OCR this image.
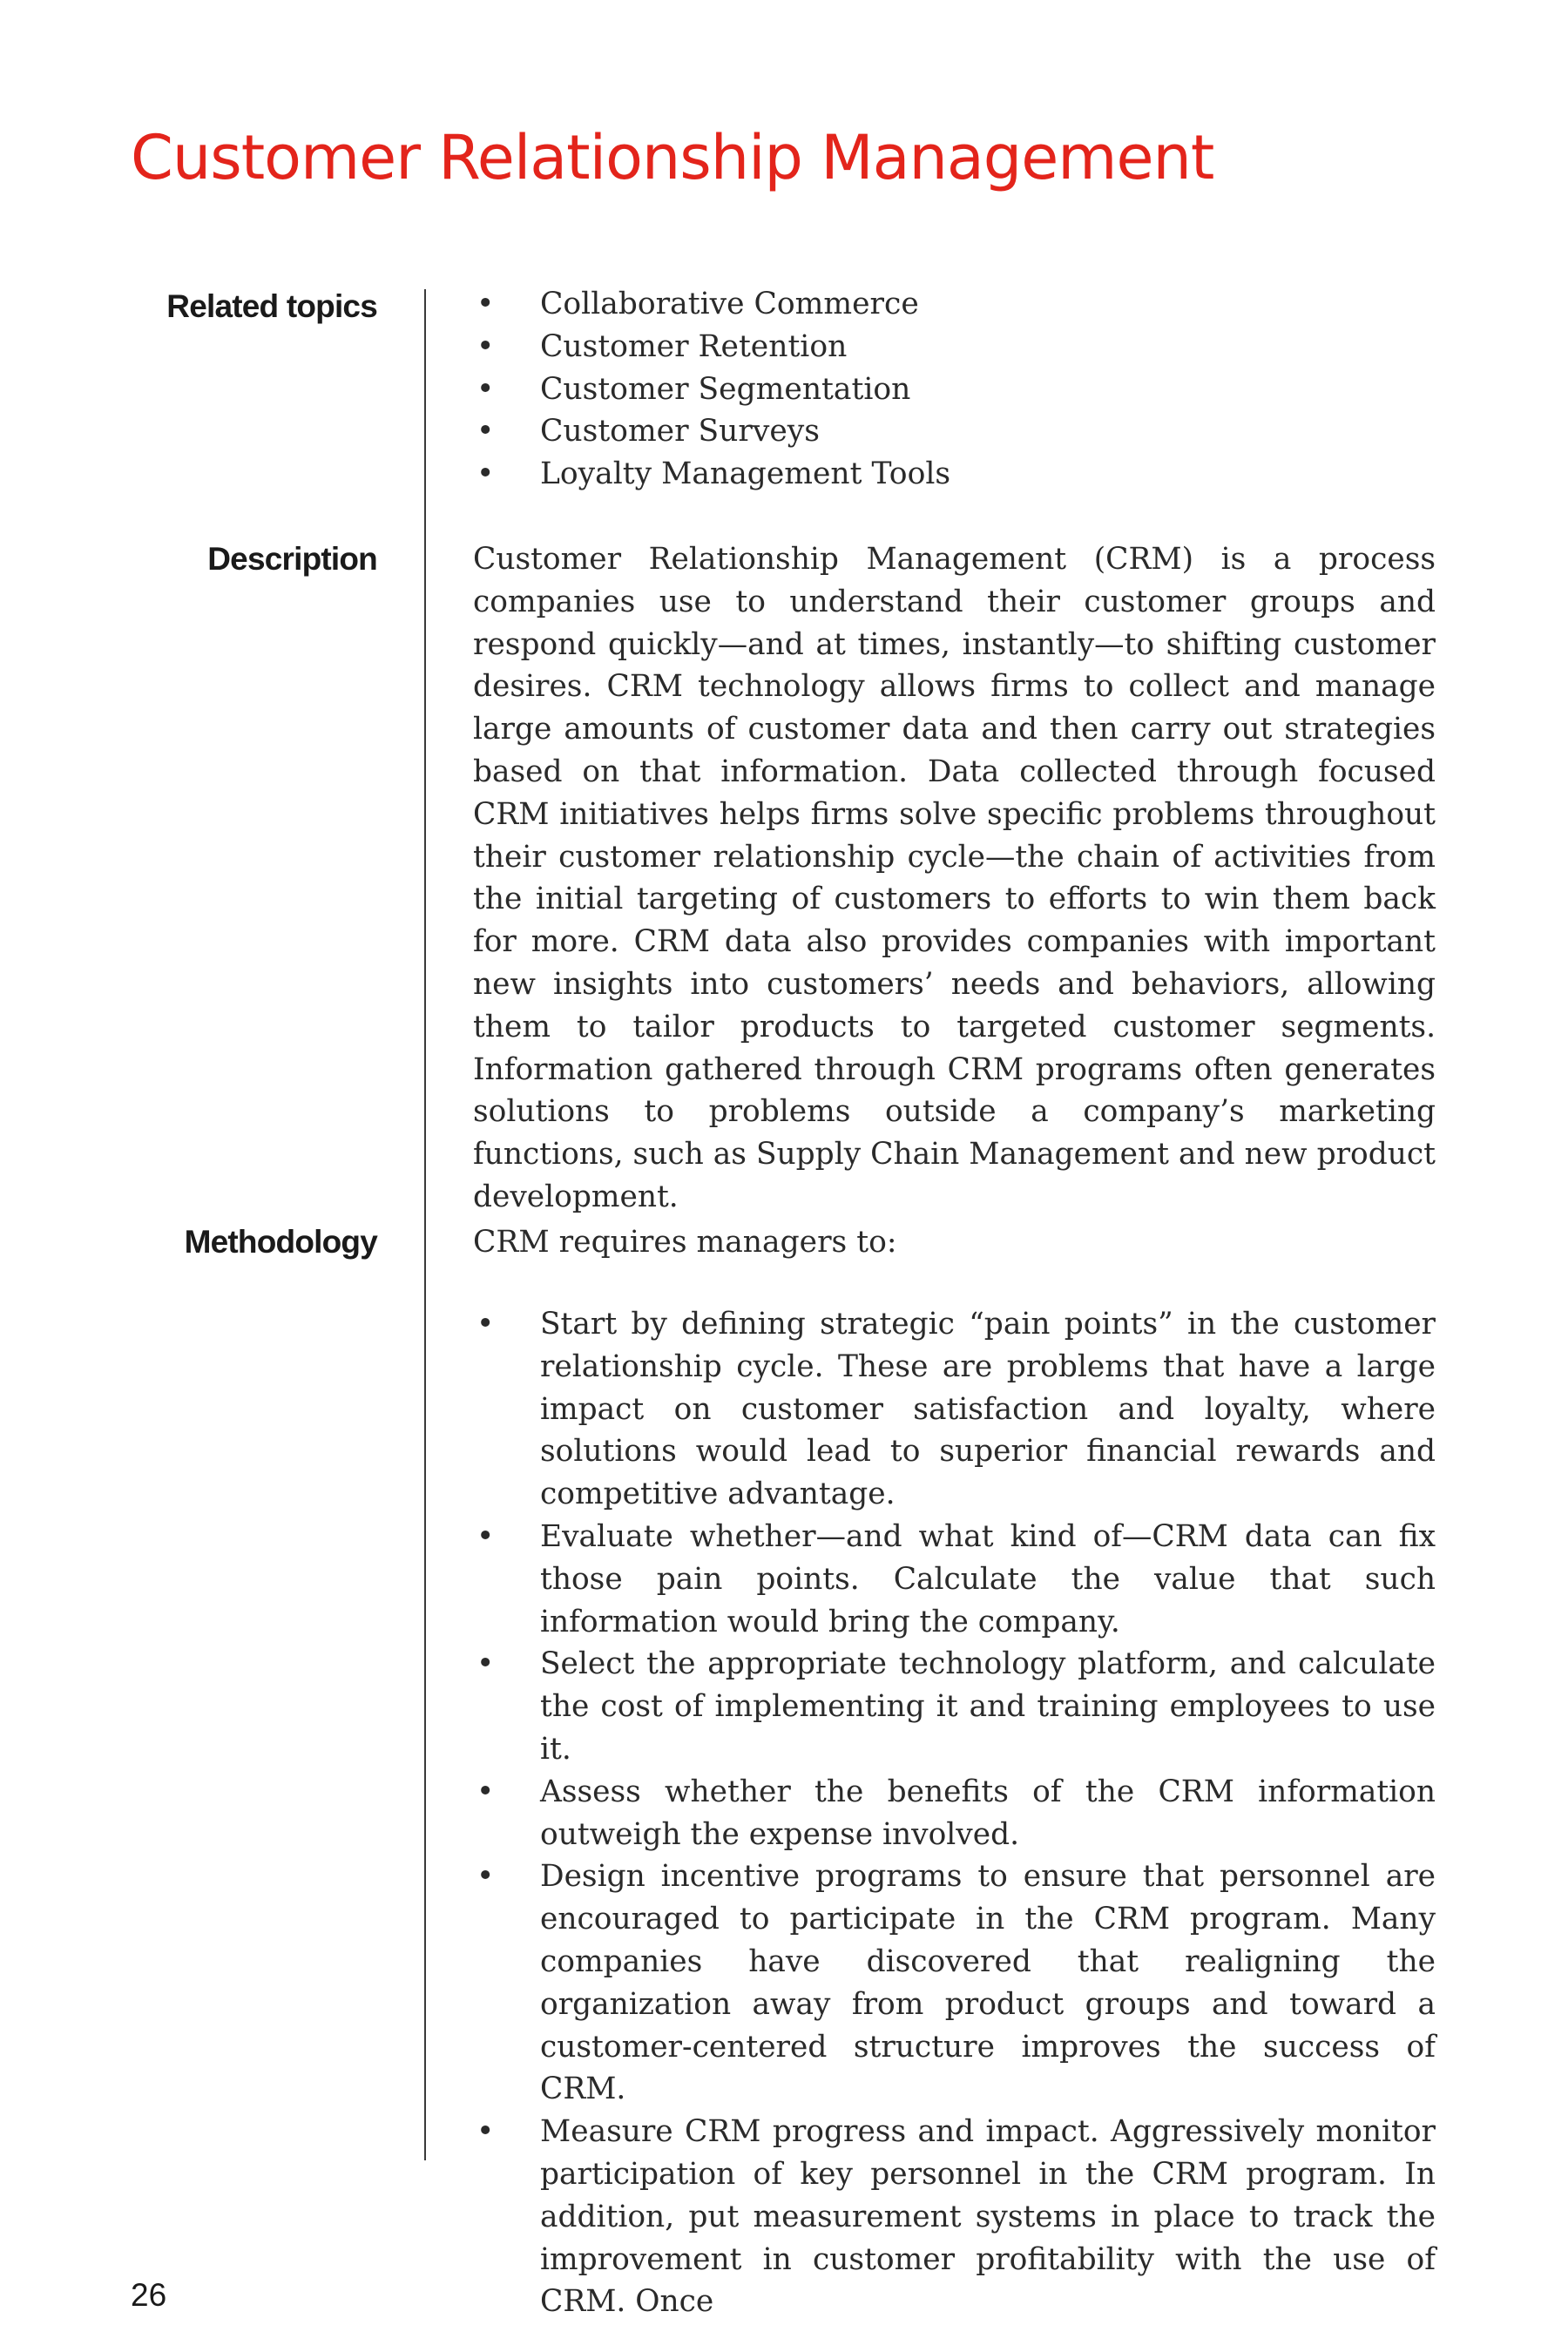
Customer Relationship Management
Related topics	• Collaborative Commerce
• Customer Retention
• Customer Segmentation
• Customer Surveys
• Loyalty Management Tools
Description	Customer Relationship Management (CRM) is a process companies use to understand their customer groups and respond quickly—and at times, instantly—to shifting customer desires. CRM technology allows firms to collect and manage large amounts of customer data and then carry out strategies based on that information. Data collected through focused CRM initiatives helps firms solve specific problems throughout their customer relationship cycle—the chain of activities from the initial targeting of customers to efforts to win them back for more. CRM data also provides companies with important new insights into customers’ needs and behaviors, allowing them to tailor products to targeted customer segments. Information gathered through CRM programs often generates solutions to problems outside a company’s marketing functions, such as Supply Chain Management and new product development.

Methodology	CRM requires managers to:

• Start by defining strategic “pain points” in the customer relationship cycle. These are problems that have a large impact on customer satisfaction and loyalty, where solutions would lead to superior financial rewards and competitive advantage.
• Evaluate whether—and what kind of—CRM data can fix those pain points. Calculate the value that such information would bring the company.
• Select the appropriate technology platform, and calculate the cost of implementing it and training employees to use it.
• Assess whether the benefits of the CRM information outweigh the expense involved.
• Design incentive programs to ensure that personnel are encouraged to participate in the CRM program. Many companies have discovered that realigning the organization away from product groups and toward a customer-centered structure improves the success of CRM.
• Measure CRM progress and impact. Aggressively monitor participation of key personnel in the CRM program. In addition, put measurement systems in place to track the improvement in customer profitability with the use of CRM. Once
26
